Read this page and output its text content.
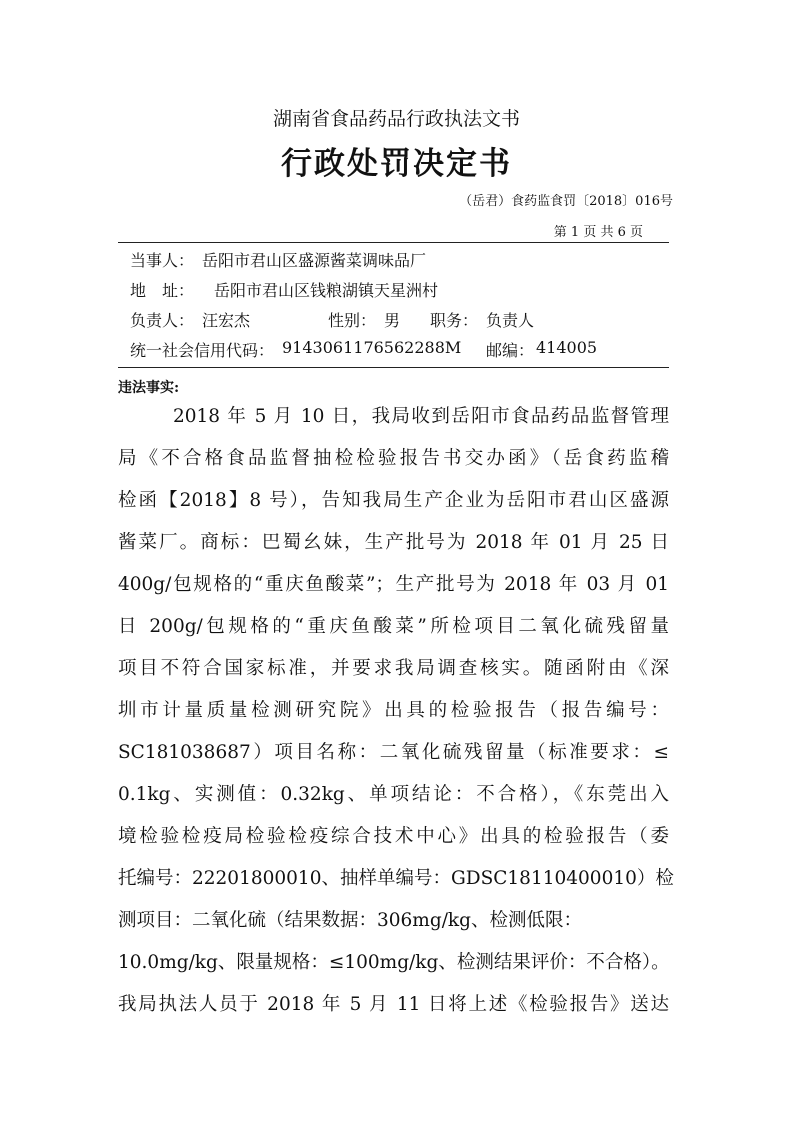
湖南省食品药品行政执法文书
行政处罚决定书
（岳君）食药监食罚〔2018〕016号
第 1 页 共 6 页
当事人： 岳阳市君山区盛源酱菜调味品厂
地　址： 岳阳市君山区钱粮湖镇天星洲村
负责人： 汪宏杰	性别： 男 职务： 负责人
统一社会信用代码： 91430611765622​88M 邮编： 414005
违法事实:
2018 年 5 月 10 日，我局收到岳阳市食品药品监督管理
局《不合格食品监督抽检检验报告书交办函》（岳食药监稽
检函【2018】8 号），告知我局生产企业为岳阳市君山区盛源
酱菜厂。商标：巴蜀幺妹，生产批号为 2018 年 01 月 25 日
400g/包规格的“重庆鱼酸菜”；生产批号为 2018 年 03 月 01
日 200g/包规格的“重庆鱼酸菜”所检项目二氧化硫残留量
项目不符合国家标准，并要求我局调查核实。随函附由《深
圳市计量质量检测研究院》出具的检验报告（报告编号：
SC181038687）项目名称：二氧化硫残留量（标准要求：≤
0.1kg、实测值：0.32kg、单项结论：不合格），《东莞出入
境检验检疫局检验检疫综合技术中心》出具的检验报告（委
托编号：22201800010、抽样单编号：GDSC18110400010）检
测项目：二氧化硫（结果数据：306mg/kg、检测低限：
10.0mg/kg、限量规格：≤100mg/kg、检测结果评价：不合格）。
我局执法人员于 2018 年 5 月 11 日将上述《检验报告》送达
